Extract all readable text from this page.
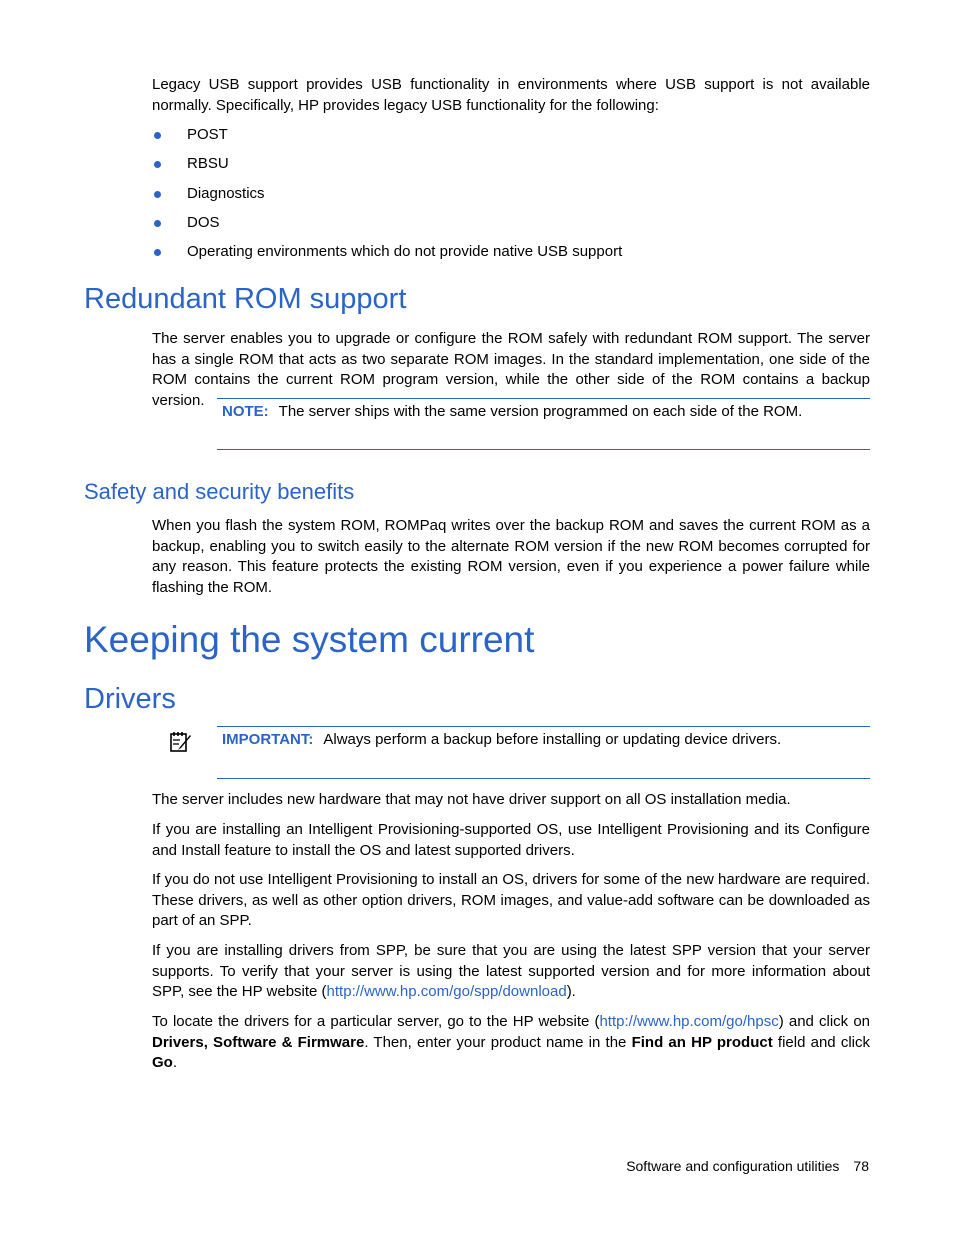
Legacy USB support provides USB functionality in environments where USB support is not available normally. Specifically, HP provides legacy USB functionality for the following:

POST
RBSU
Diagnostics
DOS
Operating environments which do not provide native USB support
Redundant ROM support

The server enables you to upgrade or configure the ROM safely with redundant ROM support. The server has a single ROM that acts as two separate ROM images. In the standard implementation, one side of the ROM contains the current ROM program version, while the other side of the ROM contains a backup version.

NOTE: The server ships with the same version programmed on each side of the ROM.
Safety and security benefits

When you flash the system ROM, ROMPaq writes over the backup ROM and saves the current ROM as a backup, enabling you to switch easily to the alternate ROM version if the new ROM becomes corrupted for any reason. This feature protects the existing ROM version, even if you experience a power failure while flashing the ROM.

Keeping the system current
Drivers
IMPORTANT: Always perform a backup before installing or updating device drivers.

The server includes new hardware that may not have driver support on all OS installation media.

If you are installing an Intelligent Provisioning-supported OS, use Intelligent Provisioning and its Configure and Install feature to install the OS and latest supported drivers.

If you do not use Intelligent Provisioning to install an OS, drivers for some of the new hardware are required. These drivers, as well as other option drivers, ROM images, and value-add software can be downloaded as part of an SPP.

If you are installing drivers from SPP, be sure that you are using the latest SPP version that your server supports. To verify that your server is using the latest supported version and for more information about SPP, see the HP website (http://www.hp.com/go/spp/download).

To locate the drivers for a particular server, go to the HP website (http://www.hp.com/go/hpsc) and click on Drivers, Software & Firmware. Then, enter your product name in the Find an HP product field and click Go.

Software and configuration utilities 78
